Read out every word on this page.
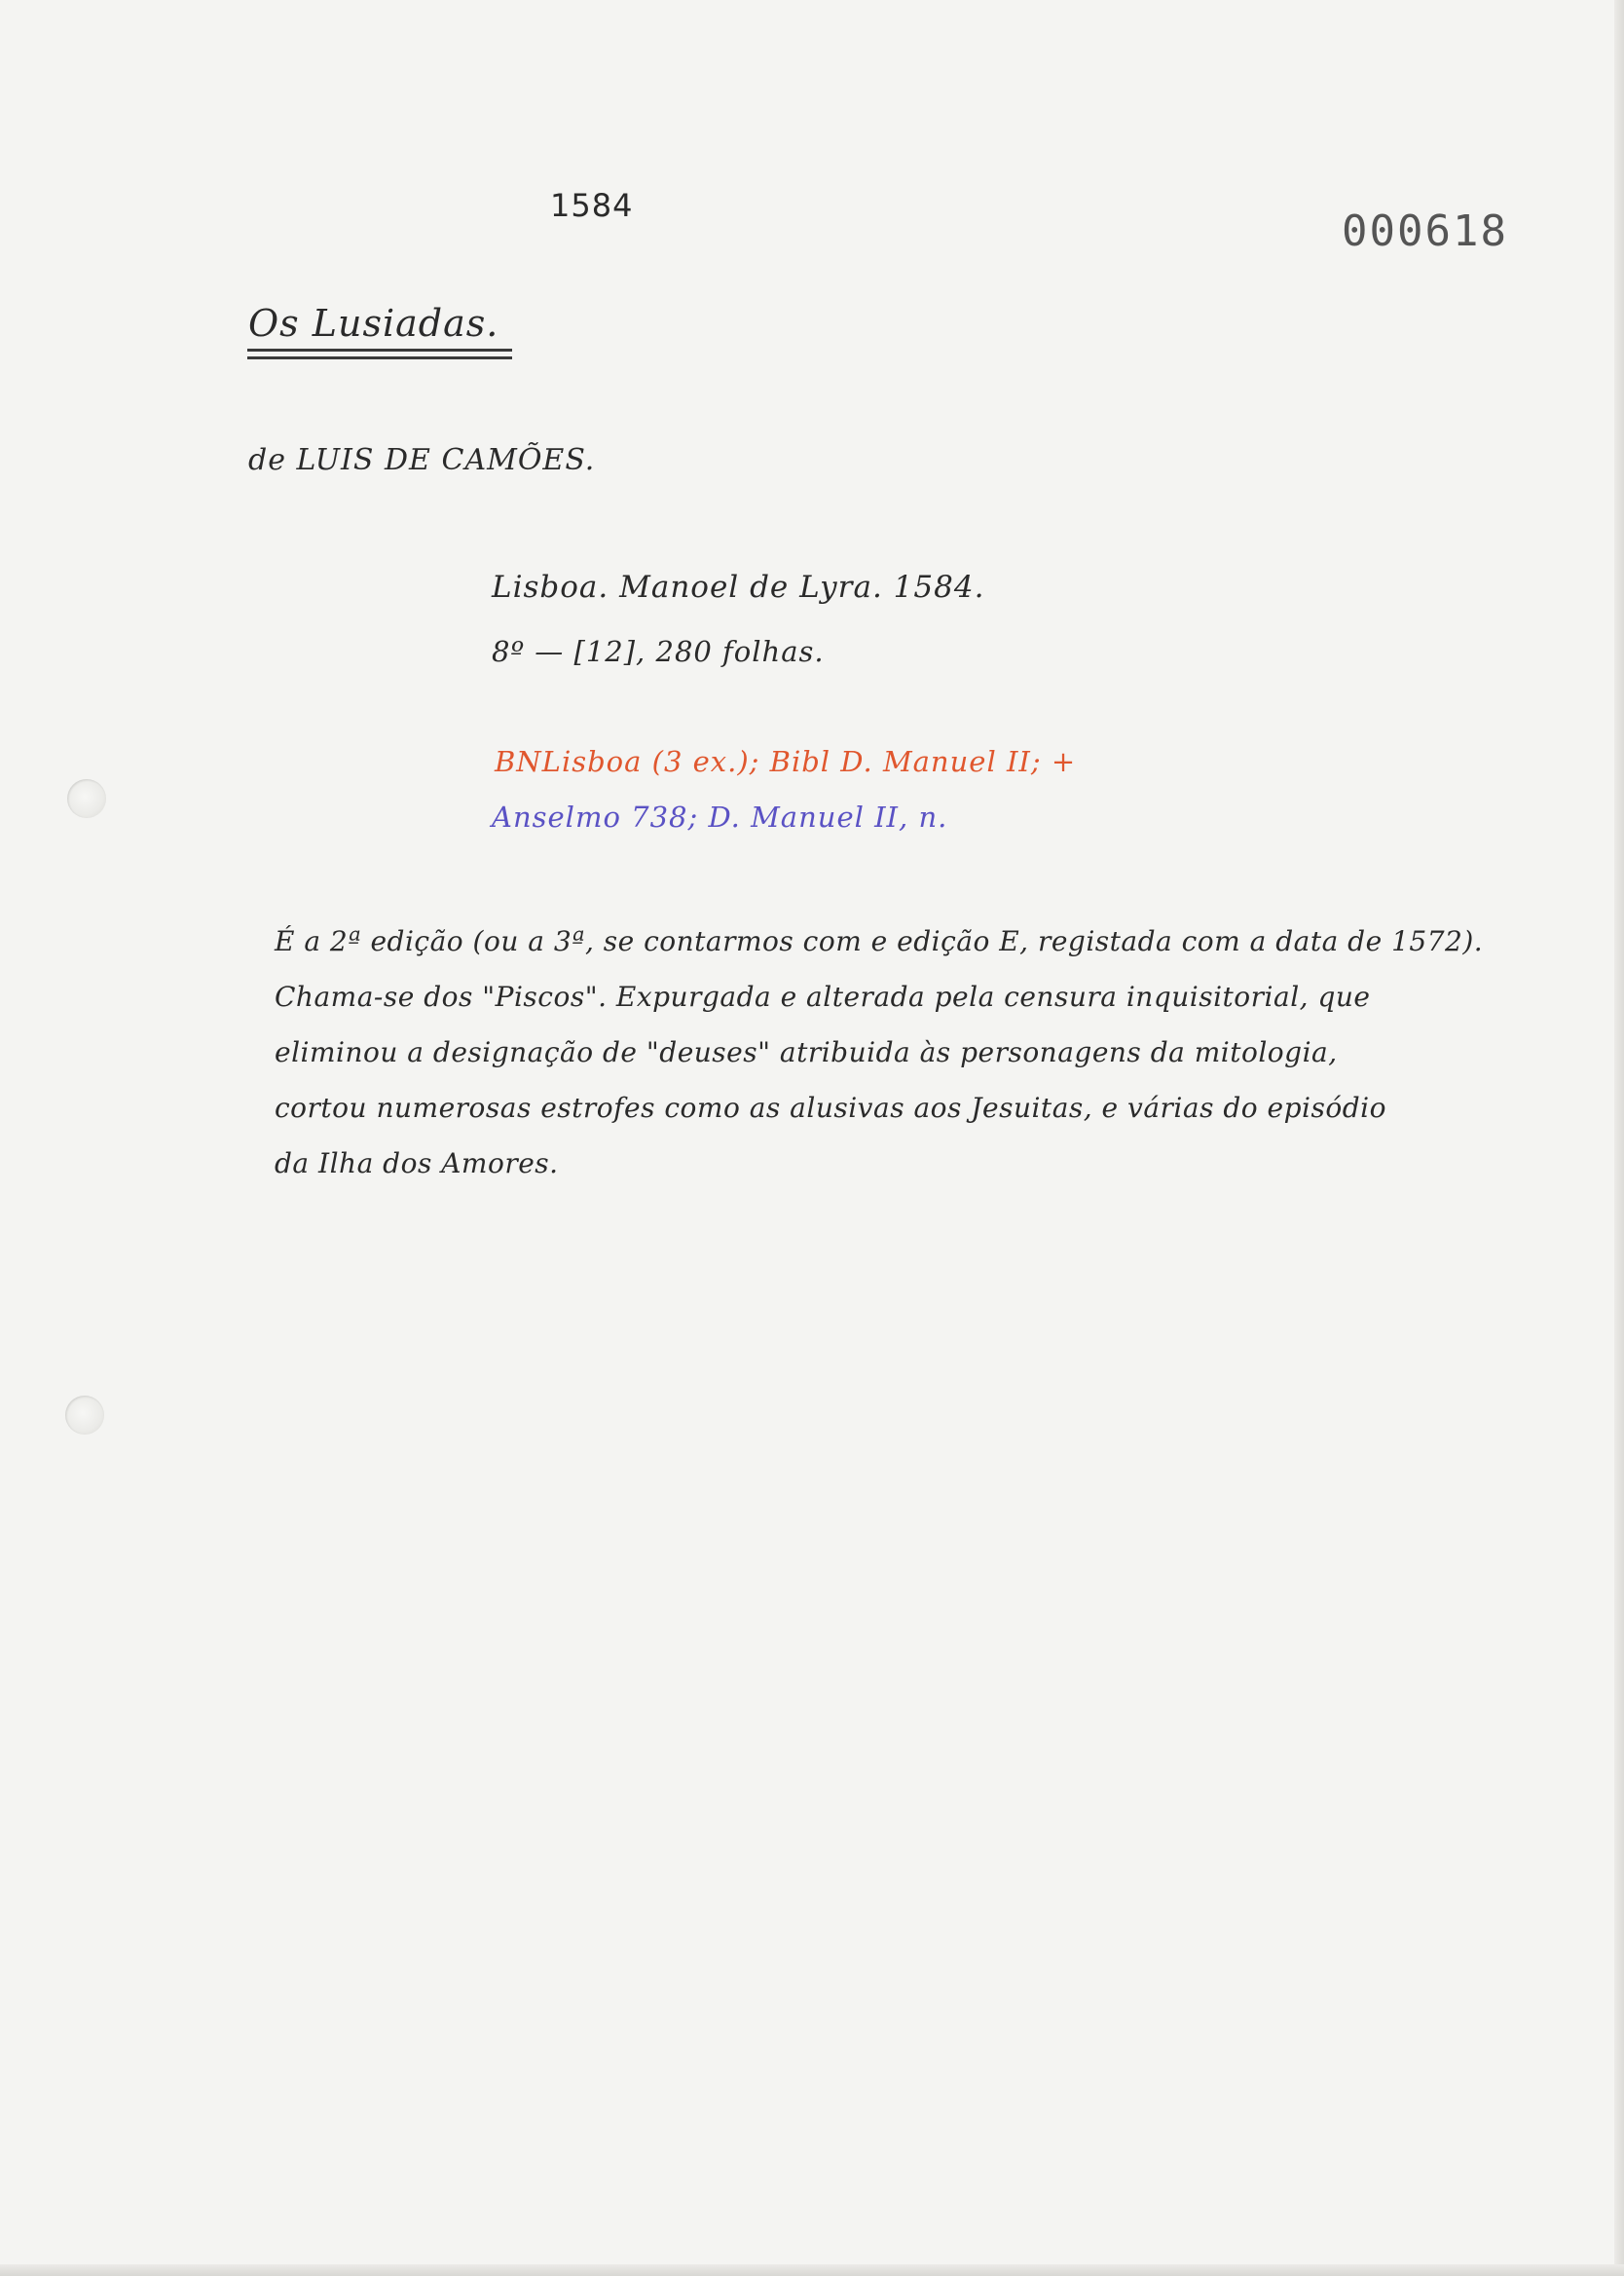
1584
000618
Os Lusiadas.
de LUIS DE CAMÕES.
Lisboa. Manoel de Lyra. 1584.
8º — [12], 280 folhas.
BNLisboa (3 ex.); Bibl D. Manuel II; +
Anselmo 738; D. Manuel II, n.
É a 2ª edição (ou a 3ª, se contarmos com e edição E, registada com a data de 1572).
Chama-se dos "Piscos". Expurgada e alterada pela censura inquisitorial, que
eliminou a designação de "deuses" atribuida às personagens da mitologia,
cortou numerosas estrofes como as alusivas aos Jesuitas, e várias do episódio
da Ilha dos Amores.
